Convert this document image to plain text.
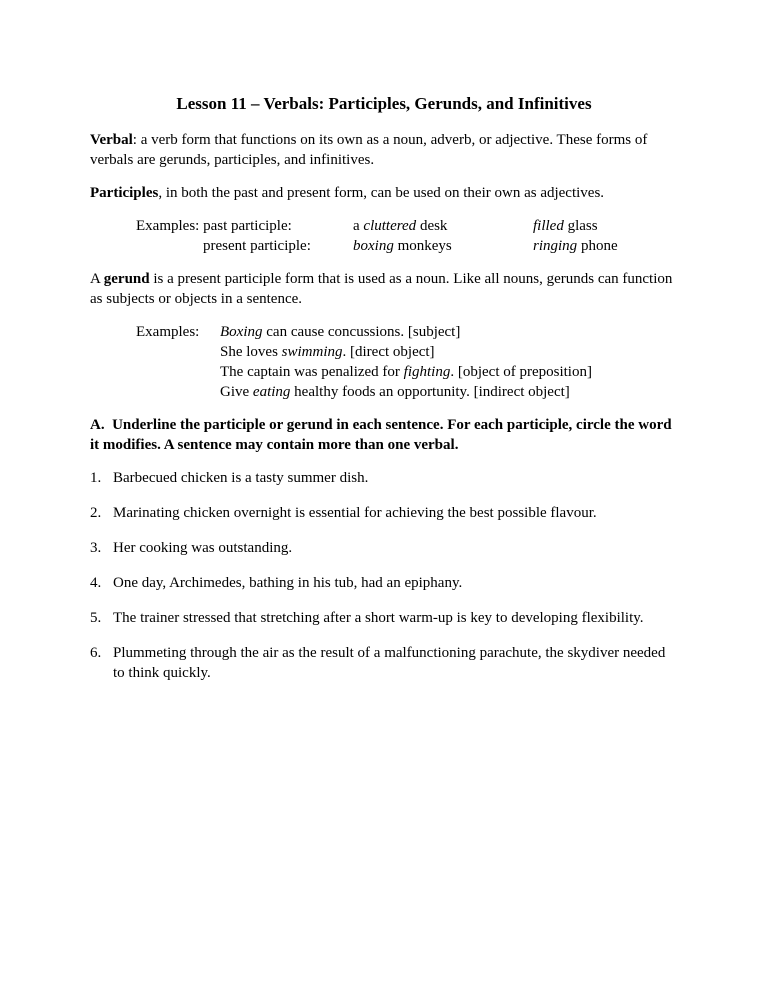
Lesson 11 – Verbals: Participles, Gerunds, and Infinitives

Verbal: a verb form that functions on its own as a noun, adverb, or adjective. These forms of verbals are gerunds, participles, and infinitives.

Participles, in both the past and present form, can be used on their own as adjectives.

Examples: past participle:	a cluttered desk	filled glass
present participle:	boxing monkeys	ringing phone

A gerund is a present participle form that is used as a noun. Like all nouns, gerunds can function as subjects or objects in a sentence.

Examples: Boxing can cause concussions. [subject]
She loves swimming. [direct object]
The captain was penalized for fighting. [object of preposition]
Give eating healthy foods an opportunity. [indirect object]

A.  Underline the participle or gerund in each sentence. For each participle, circle the word it modifies. A sentence may contain more than one verbal.

1. Barbecued chicken is a tasty summer dish.
2. Marinating chicken overnight is essential for achieving the best possible flavour.
3. Her cooking was outstanding.
4. One day, Archimedes, bathing in his tub, had an epiphany.
5. The trainer stressed that stretching after a short warm-up is key to developing flexibility.
6. Plummeting through the air as the result of a malfunctioning parachute, the skydiver needed to think quickly.
